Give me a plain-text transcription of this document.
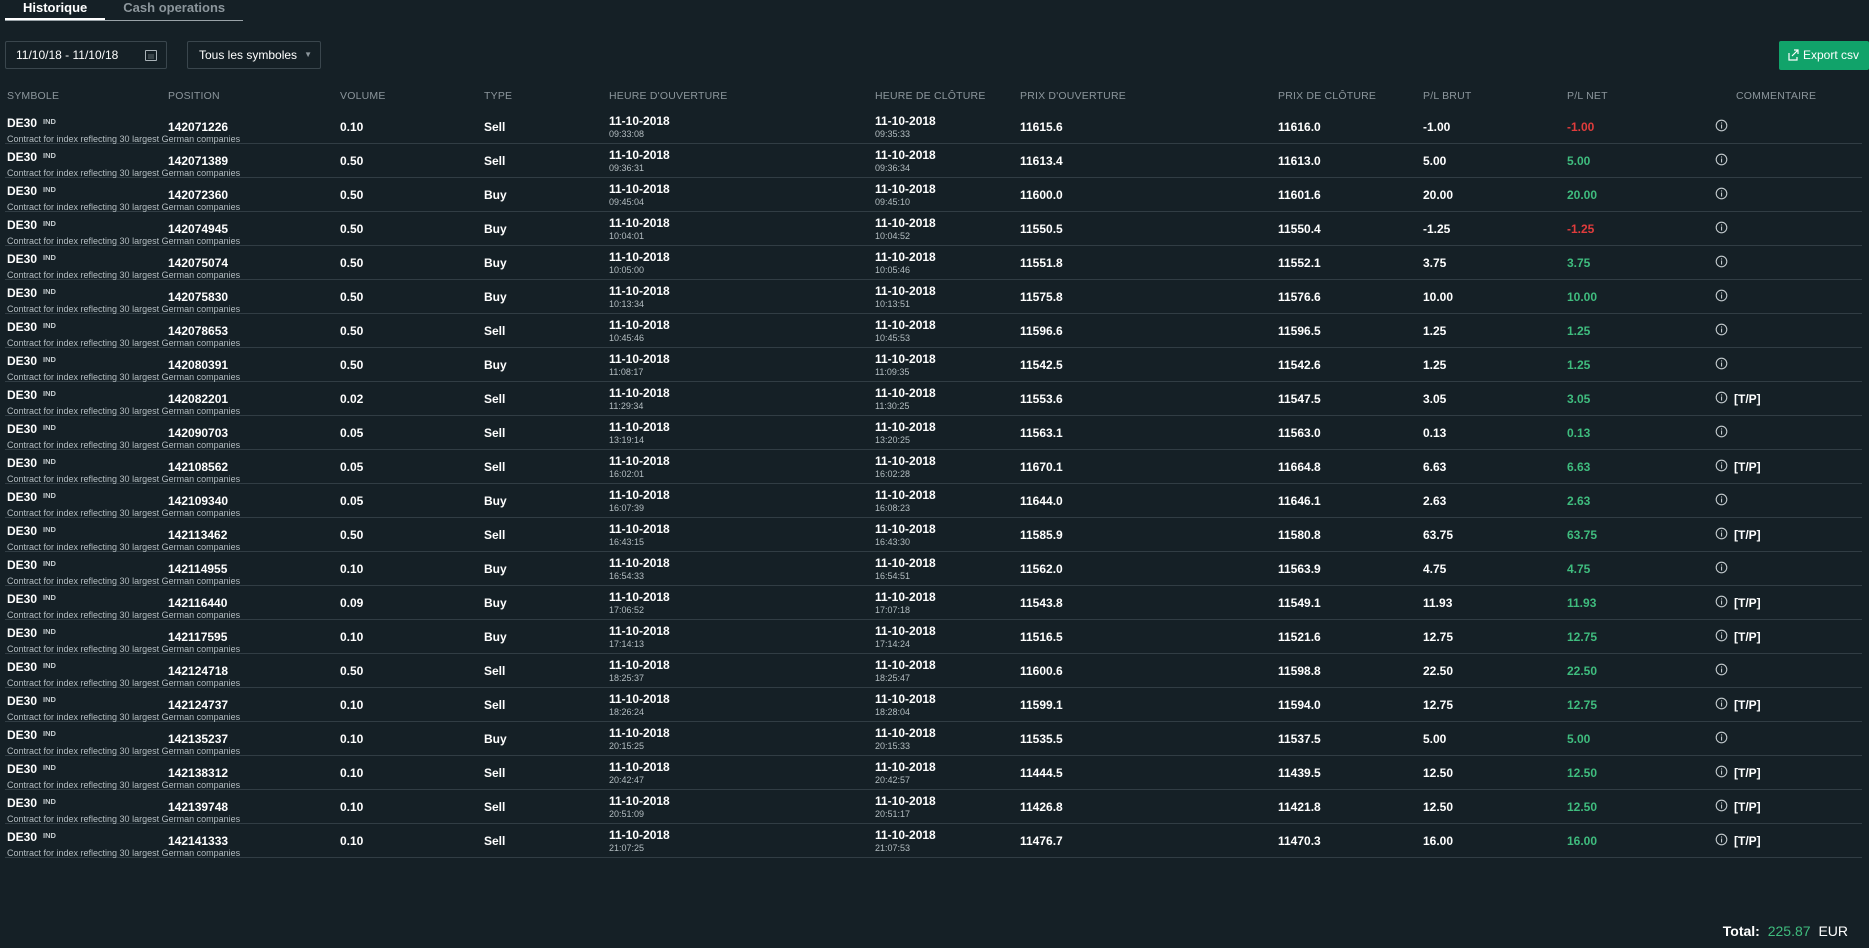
Historique	Cash operations
11/10/18 - 11/10/18	Tous les symboles ▼	Export csv
SYMBOLE	POSITION	VOLUME	TYPE	HEURE D'OUVERTURE	HEURE DE CLÔTURE	PRIX D'OUVERTURE	PRIX DE CLÔTURE	P/L BRUT	P/L NET	COMMENTAIRE
DE30 IND
Contract for index reflecting 30 largest German companies
142071226	0.10	Sell	11-10-2018
09:33:08
11-10-2018
09:35:33	11615.6	11616.0	-1.00	-1.00
DE30 IND
Contract for index reflecting 30 largest German companies
142071389	0.50	Sell	11-10-2018
09:36:31
11-10-2018
09:36:34	11613.4	11613.0	5.00	5.00
DE30 IND
Contract for index reflecting 30 largest German companies
142072360	0.50	Buy	11-10-2018
09:45:04
11-10-2018
09:45:10	11600.0	11601.6	20.00	20.00
DE30 IND
Contract for index reflecting 30 largest German companies
142074945	0.50	Buy	11-10-2018
10:04:01
11-10-2018
10:04:52	11550.5	11550.4	-1.25	-1.25
DE30 IND
Contract for index reflecting 30 largest German companies
142075074	0.50	Buy	11-10-2018
10:05:00
11-10-2018
10:05:46	11551.8	11552.1	3.75	3.75
DE30 IND
Contract for index reflecting 30 largest German companies
142075830	0.50	Buy	11-10-2018
10:13:34
11-10-2018
10:13:51	11575.8	11576.6	10.00	10.00
DE30 IND
Contract for index reflecting 30 largest German companies
142078653	0.50	Sell	11-10-2018
10:45:46
11-10-2018
10:45:53	11596.6	11596.5	1.25	1.25
DE30 IND
Contract for index reflecting 30 largest German companies
142080391	0.50	Buy	11-10-2018
11:08:17
11-10-2018
11:09:35	11542.5	11542.6	1.25	1.25
DE30 IND
Contract for index reflecting 30 largest German companies
142082201	0.02	Sell	11-10-2018
11:29:34
11-10-2018
11:30:25	11553.6	11547.5	3.05	3.05	[T/P]
DE30 IND
Contract for index reflecting 30 largest German companies
142090703	0.05	Sell	11-10-2018
13:19:14
11-10-2018
13:20:25	11563.1	11563.0	0.13	0.13
DE30 IND
Contract for index reflecting 30 largest German companies
142108562	0.05	Sell	11-10-2018
16:02:01
11-10-2018
16:02:28	11670.1	11664.8	6.63	6.63	[T/P]
DE30 IND
Contract for index reflecting 30 largest German companies
142109340	0.05	Buy	11-10-2018
16:07:39
11-10-2018
16:08:23	11644.0	11646.1	2.63	2.63
DE30 IND
Contract for index reflecting 30 largest German companies
142113462	0.50	Sell	11-10-2018
16:43:15
11-10-2018
16:43:30	11585.9	11580.8	63.75	63.75	[T/P]
DE30 IND
Contract for index reflecting 30 largest German companies
142114955	0.10	Buy	11-10-2018
16:54:33
11-10-2018
16:54:51	11562.0	11563.9	4.75	4.75
DE30 IND
Contract for index reflecting 30 largest German companies
142116440	0.09	Buy	11-10-2018
17:06:52
11-10-2018
17:07:18	11543.8	11549.1	11.93	11.93	[T/P]
DE30 IND
Contract for index reflecting 30 largest German companies
142117595	0.10	Buy	11-10-2018
17:14:13
11-10-2018
17:14:24	11516.5	11521.6	12.75	12.75	[T/P]
DE30 IND
Contract for index reflecting 30 largest German companies
142124718	0.50	Sell	11-10-2018
18:25:37
11-10-2018
18:25:47	11600.6	11598.8	22.50	22.50
DE30 IND
Contract for index reflecting 30 largest German companies
142124737	0.10	Sell	11-10-2018
18:26:24
11-10-2018
18:28:04	11599.1	11594.0	12.75	12.75	[T/P]
DE30 IND
Contract for index reflecting 30 largest German companies
142135237	0.10	Buy	11-10-2018
20:15:25
11-10-2018
20:15:33	11535.5	11537.5	5.00	5.00
DE30 IND
Contract for index reflecting 30 largest German companies
142138312	0.10	Sell	11-10-2018
20:42:47
11-10-2018
20:42:57	11444.5	11439.5	12.50	12.50	[T/P]
DE30 IND
Contract for index reflecting 30 largest German companies
142139748	0.10	Sell	11-10-2018
20:51:09
11-10-2018
20:51:17	11426.8	11421.8	12.50	12.50	[T/P]
DE30 IND
Contract for index reflecting 30 largest German companies
142141333	0.10	Sell	11-10-2018
21:07:25
11-10-2018
21:07:53	11476.7	11470.3	16.00	16.00	[T/P]
Total: 225.87 EUR
